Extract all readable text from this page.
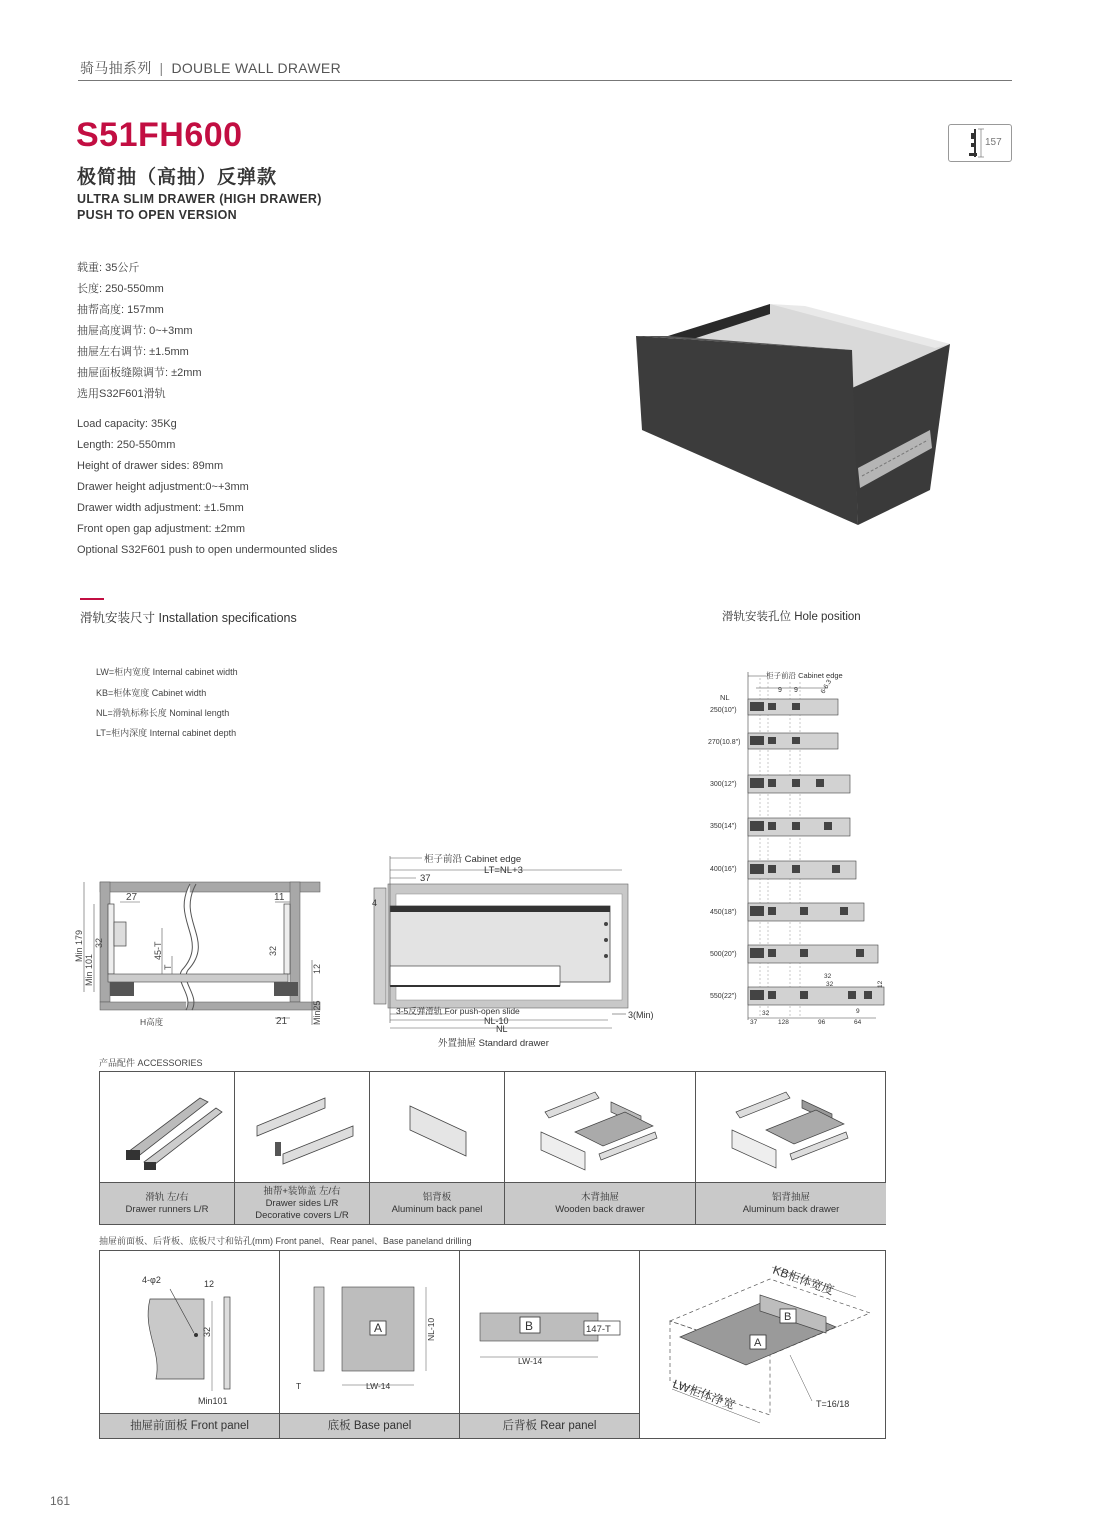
骑马抽系列 | DOUBLE WALL DRAWER
S51FH600
极简抽（高抽）反弹款
ULTRA SLIM DRAWER (HIGH DRAWER)
PUSH TO OPEN VERSION
157
载重: 35公斤
长度: 250-550mm
抽帮高度: 157mm
抽屉高度调节: 0~+3mm
抽屉左右调节: ±1.5mm
抽屉面板缝隙调节: ±2mm
选用S32F601滑轨
Load capacity: 35Kg
Length: 250-550mm
Height of drawer sides: 89mm
Drawer height adjustment:0~+3mm
Drawer width adjustment: ±1.5mm
Front open gap adjustment: ±2mm
Optional S32F601 push to open undermounted slides
滑轨安装尺寸 Installation specifications	滑轨安装孔位 Hole position
LW=柜内宽度 Internal cabinet width
KB=柜体宽度 Cabinet width
NL=滑轨标称长度 Nominal length
LT=柜内深度 Internal cabinet depth
27	11
21
H高度
Min 179
Min 101
32	45-T
T
32
12
Min25
柜子前沿 Cabinet edge
LT=NL+3
37
4
3-5反弹滑轨 For push-open slide
NL-10
NL
3(Min)
外置抽屉 Standard drawer
柜子前沿 Cabinet edge
NL
9 9	6-6.3
250(10")
270(10.8")
300(12")
350(14")
400(16")
450(18")
500(20")
550(22")
32
32	12
9
37
32
128	96	64
产品配件 ACCESSORIES
滑轨 左/右
Drawer runners L/R
抽帮+装饰盖 左/右
Drawer sides L/R
Decorative covers L/R
铝背板
Aluminum back panel
木背抽屉
Wooden back drawer
铝背抽屉
Aluminum back drawer
抽屉前面板、后背板、底板尺寸和钻孔(mm) Front panel、Rear panel、Base paneland drilling
4-φ2	12
32
Min101
抽屉前面板 Front panel
A	NL-10
T	LW-14
底板 Base panel
B	147-T
LW-14
后背板 Rear panel
B
A
KB柜体宽度
LW柜体净宽	T=16/18
161
